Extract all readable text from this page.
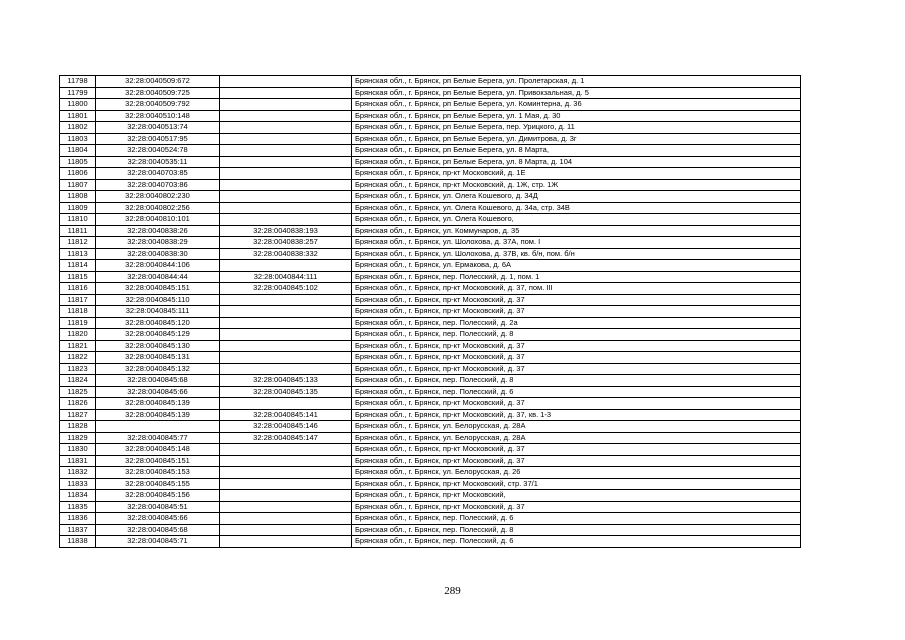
11798	32:28:0040509:672		Брянская обл., г. Брянск, рп Белые Берега, ул. Пролетарская, д. 1
11799	32:28:0040509:725		Брянская обл., г. Брянск, рп Белые Берега, ул. Привокзальная, д. 5
11800	32:28:0040509:792		Брянская обл., г. Брянск, рп Белые Берега, ул. Коминтерна, д. 36
11801	32:28:0040510:148		Брянская обл., г. Брянск, рп Белые Берега, ул. 1 Мая, д. 30
11802	32:28:0040513:74		Брянская обл., г. Брянск, рп Белые Берега, пер. Урицкого, д. 11
11803	32:28:0040517:95		Брянская обл., г. Брянск, рп Белые Берега, ул. Димитрова, д. 3г
11804	32:28:0040524:78		Брянская обл., г. Брянск, рп Белые Берега, ул. 8 Марта,
11805	32:28:0040535:11		Брянская обл., г. Брянск, рп Белые Берега, ул. 8 Марта, д. 104
11806	32:28:0040703:85		Брянская обл., г. Брянск, пр-кт Московский, д. 1Е
11807	32:28:0040703:86		Брянская обл., г. Брянск, пр-кт Московский, д. 1Ж, стр. 1Ж
11808	32:28:0040802:230		Брянская обл., г. Брянск, ул. Олега Кошевого, д. 34Д
11809	32:28:0040802:256		Брянская обл., г. Брянск, ул. Олега Кошевого, д. 34а, стр. 34В
11810	32:28:0040810:101		Брянская обл., г. Брянск, ул. Олега Кошевого,
11811	32:28:0040838:26	32:28:0040838:193	Брянская обл., г. Брянск, ул. Коммунаров, д. 35
11812	32:28:0040838:29	32:28:0040838:257	Брянская обл., г. Брянск, ул. Шолохова, д. 37А, пом. I
11813	32:28:0040838:30	32:28:0040838:332	Брянская обл., г. Брянск, ул. Шолохова, д. 37В, кв. б/н, пом. б/н
11814	32:28:0040844:106		Брянская обл., г. Брянск, ул. Ермакова, д. 6А
11815	32:28:0040844:44	32:28:0040844:111	Брянская обл., г. Брянск, пер. Полесский, д. 1, пом. 1
11816	32:28:0040845:151	32:28:0040845:102	Брянская обл., г. Брянск, пр-кт Московский, д. 37, пом. III
11817	32:28:0040845:110		Брянская обл., г. Брянск, пр-кт Московский, д. 37
11818	32:28:0040845:111		Брянская обл., г. Брянск, пр-кт Московский, д. 37
11819	32:28:0040845:120		Брянская обл., г. Брянск, пер. Полесский, д. 2а
11820	32:28:0040845:129		Брянская обл., г. Брянск, пер. Полесский, д. 8
11821	32:28:0040845:130		Брянская обл., г. Брянск, пр-кт Московский, д. 37
11822	32:28:0040845:131		Брянская обл., г. Брянск, пр-кт Московский, д. 37
11823	32:28:0040845:132		Брянская обл., г. Брянск, пр-кт Московский, д. 37
11824	32:28:0040845:68	32:28:0040845:133	Брянская обл., г. Брянск, пер. Полесский, д. 8
11825	32:28:0040845:66	32:28:0040845:135	Брянская обл., г. Брянск, пер. Полесский, д. 6
11826	32:28:0040845:139		Брянская обл., г. Брянск, пр-кт Московский, д. 37
11827	32:28:0040845:139	32:28:0040845:141	Брянская обл., г. Брянск, пр-кт Московский, д. 37, кв. 1-3
11828		32:28:0040845:146	Брянская обл., г. Брянск, ул. Белорусская, д. 28А
11829	32:28:0040845:77	32:28:0040845:147	Брянская обл., г. Брянск, ул. Белорусская, д. 28А
11830	32:28:0040845:148		Брянская обл., г. Брянск, пр-кт Московский, д. 37
11831	32:28:0040845:151		Брянская обл., г. Брянск, пр-кт Московский, д. 37
11832	32:28:0040845:153		Брянская обл., г. Брянск, ул. Белорусская, д. 26
11833	32:28:0040845:155		Брянская обл., г. Брянск, пр-кт Московский, стр. 37/1
11834	32:28:0040845:156		Брянская обл., г. Брянск, пр-кт Московский,
11835	32:28:0040845:51		Брянская обл., г. Брянск, пр-кт Московский, д. 37
11836	32:28:0040845:66		Брянская обл., г. Брянск, пер. Полесский, д. 6
11837	32:28:0040845:68		Брянская обл., г. Брянск, пер. Полесский, д. 8
11838	32:28:0040845:71		Брянская обл., г. Брянск, пер. Полесский, д. 6
289
